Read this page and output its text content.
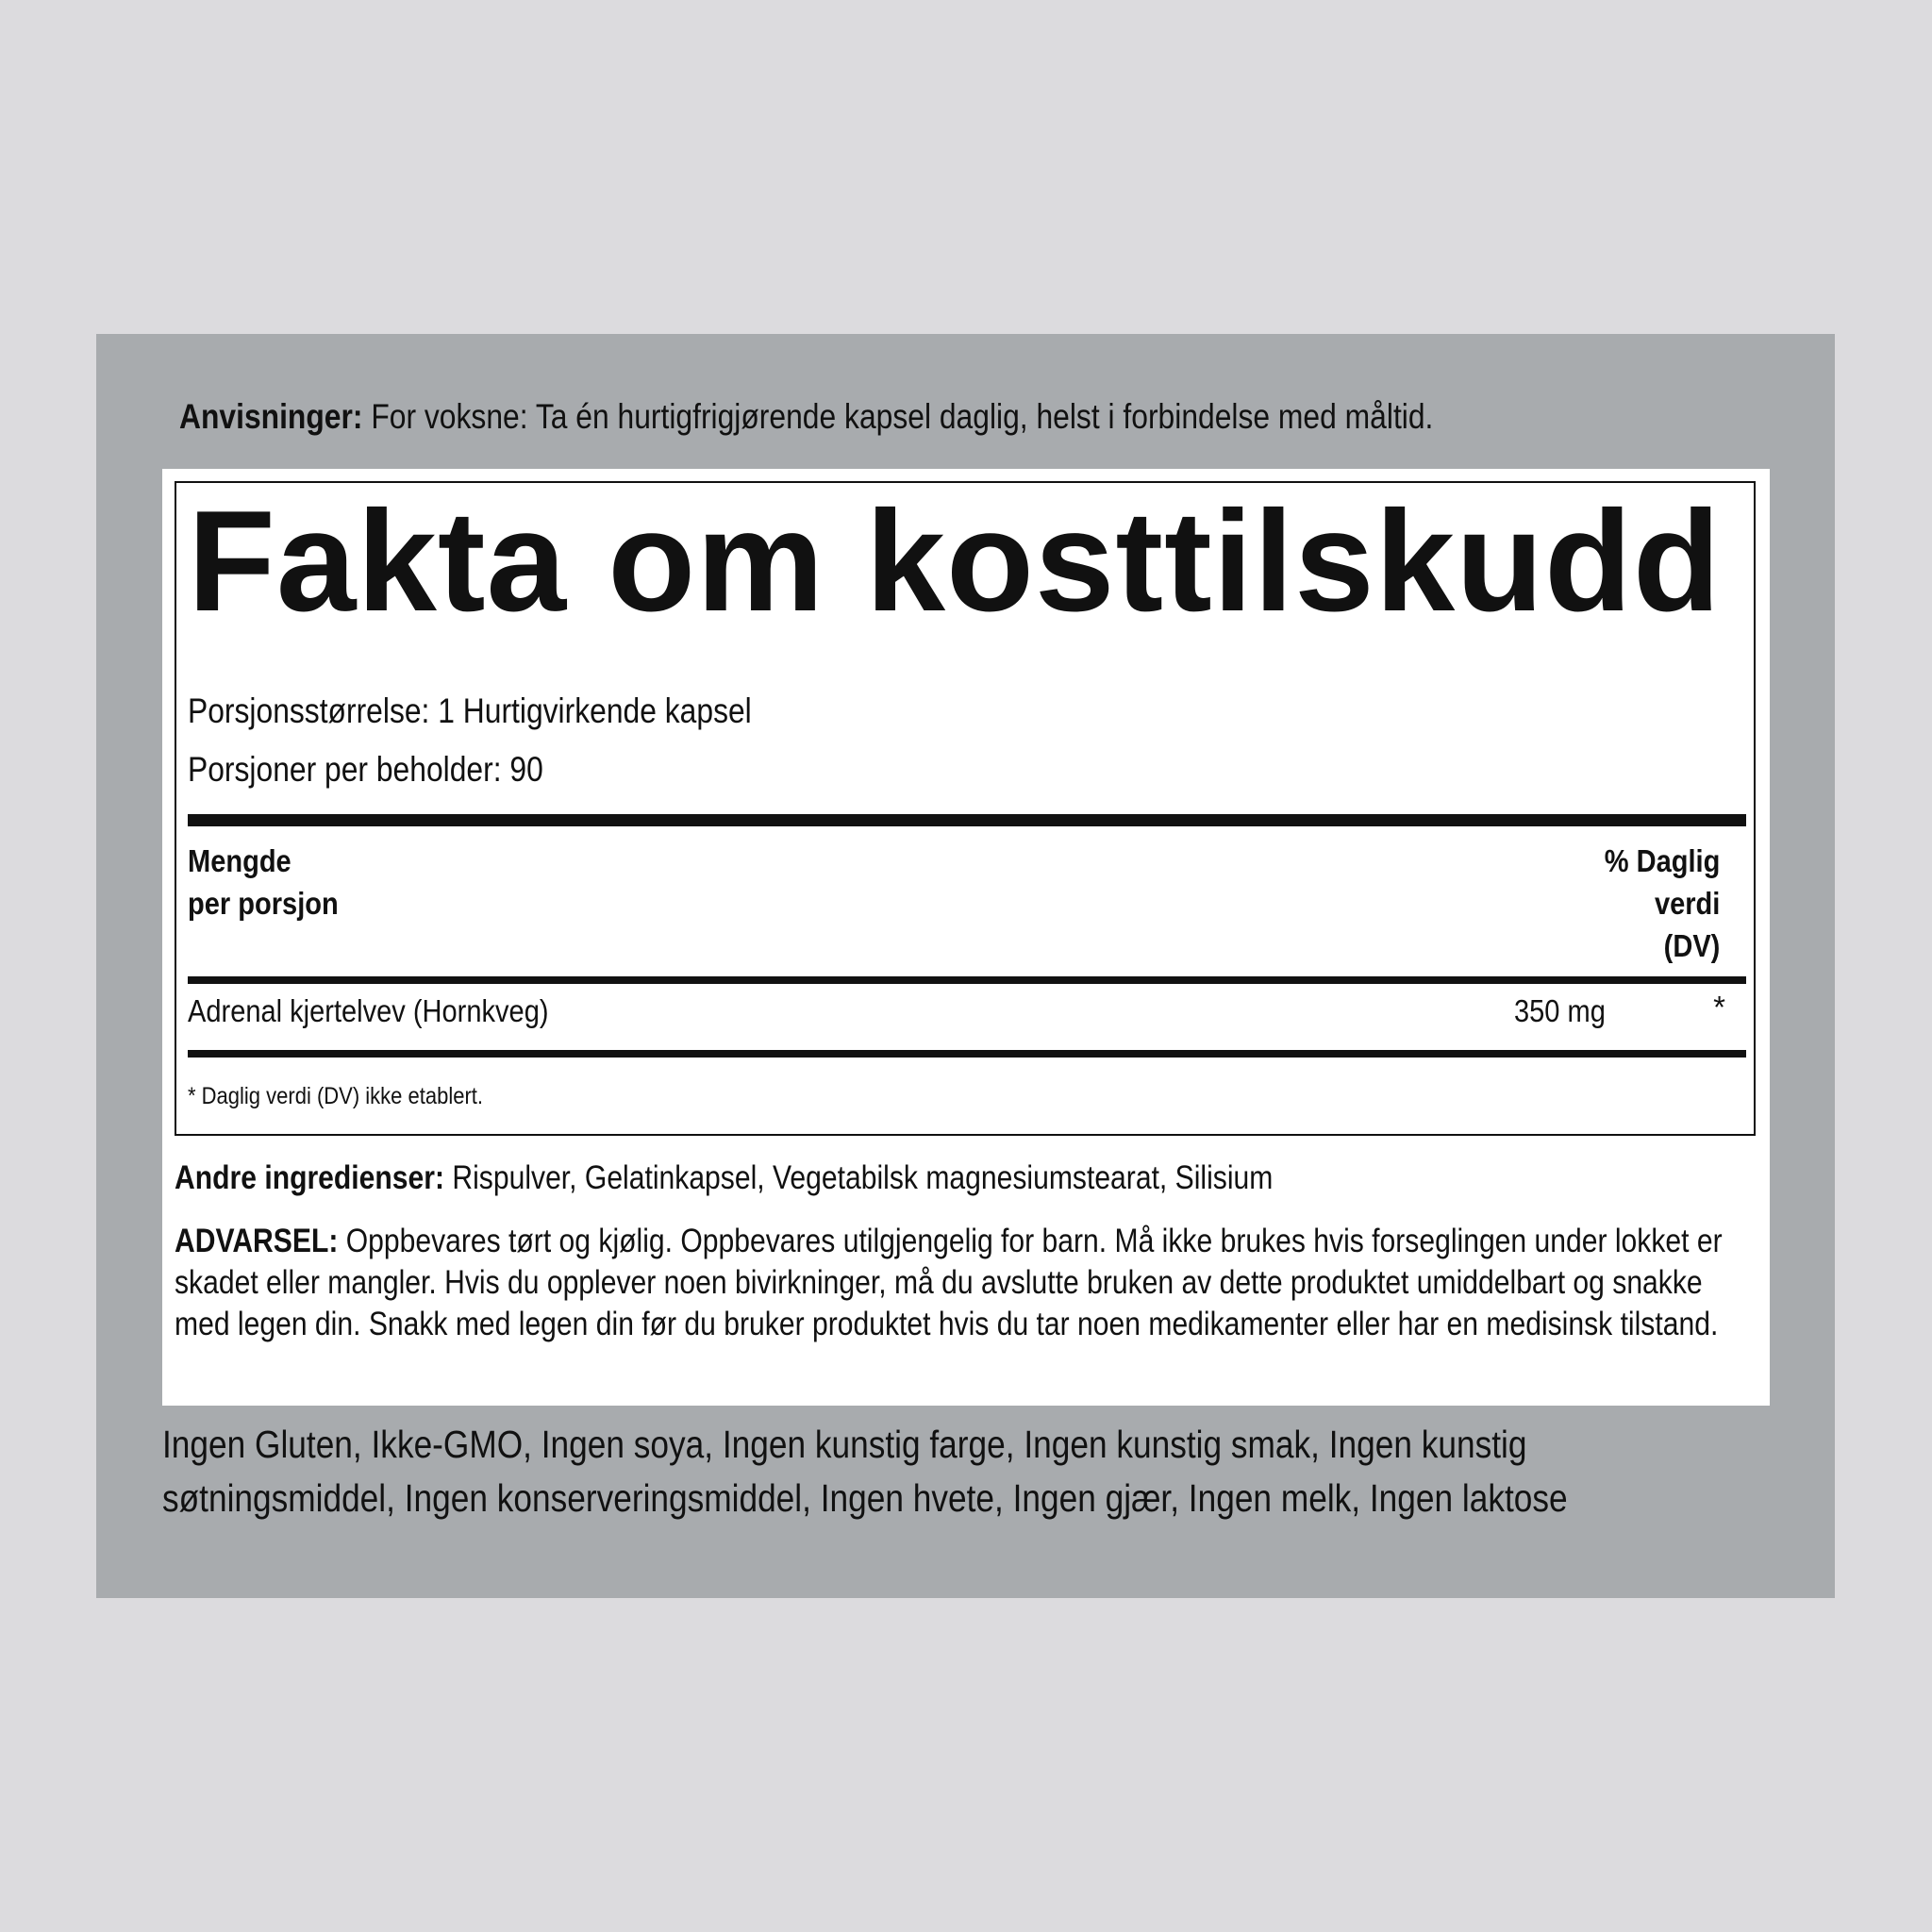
Anvisninger: For voksne: Ta én hurtigfrigjørende kapsel daglig, helst i forbindelse med måltid.
Fakta om kosttilskudd
Porsjonsstørrelse: 1 Hurtigvirkende kapsel
Porsjoner per beholder: 90
Mengde
per porsjon
% Daglig
verdi
(DV)
Adrenal kjertelvev (Hornkveg)	350 mg	*
* Daglig verdi (DV) ikke etablert.
Andre ingredienser: Rispulver, Gelatinkapsel, Vegetabilsk magnesiumstearat, Silisium
ADVARSEL: Oppbevares tørt og kjølig. Oppbevares utilgjengelig for barn. Må ikke brukes hvis forseglingen under lokket er skadet eller mangler. Hvis du opplever noen bivirkninger, må du avslutte bruken av dette produktet umiddelbart og snakke med legen din. Snakk med legen din før du bruker produktet hvis du tar noen medikamenter eller har en medisinsk tilstand.
Ingen Gluten, Ikke-GMO, Ingen soya, Ingen kunstig farge, Ingen kunstig smak, Ingen kunstig søtningsmiddel, Ingen konserveringsmiddel, Ingen hvete, Ingen gjær, Ingen melk, Ingen laktose
